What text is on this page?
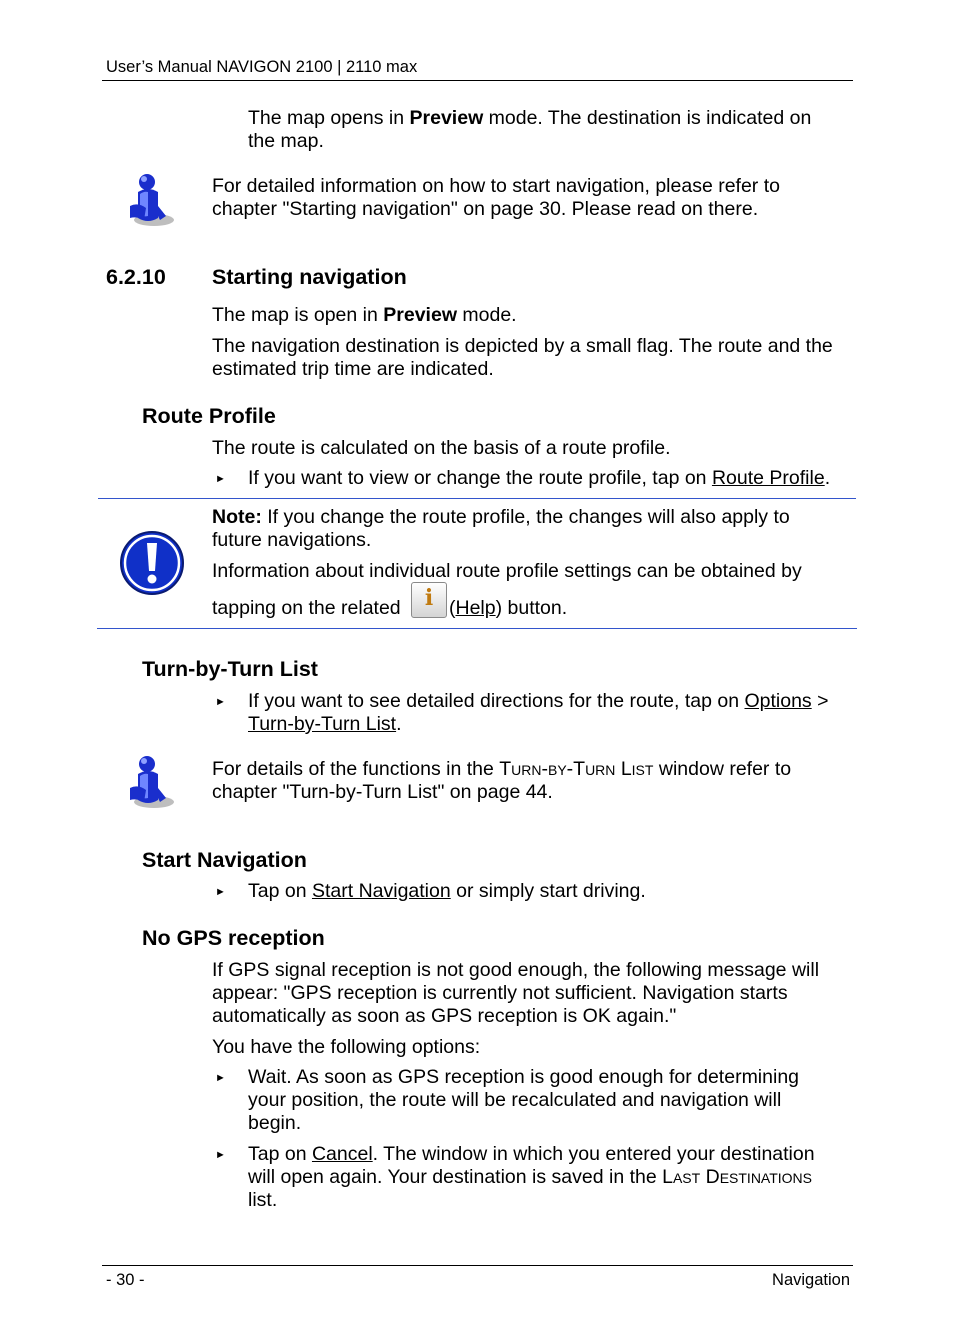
User’s Manual NAVIGON 2100 | 2110 max
The map opens in Preview mode. The destination is indicated on
the map.
For detailed information on how to start navigation, please refer to
chapter "Starting navigation" on page 30. Please read on there.
6.2.10 Starting navigation
The map is open in Preview mode.
The navigation destination is depicted by a small flag. The route and the
estimated trip time are indicated.
Route Profile
The route is calculated on the basis of a route profile.
► If you want to view or change the route profile, tap on Route Profile.
Note: If you change the route profile, the changes will also apply to
future navigations.
Information about individual route profile settings can be obtained by
tapping on the related i (Help) button.
Turn-by-Turn List
► If you want to see detailed directions for the route, tap on Options >
Turn-by-Turn List.
For details of the functions in the Turn-by-Turn List window refer to
chapter "Turn-by-Turn List" on page 44.
Start Navigation
► Tap on Start Navigation or simply start driving.
No GPS reception
If GPS signal reception is not good enough, the following message will
appear: "GPS reception is currently not sufficient. Navigation starts
automatically as soon as GPS reception is OK again."
You have the following options:
► Wait. As soon as GPS reception is good enough for determining
your position, the route will be recalculated and navigation will
begin.
► Tap on Cancel. The window in which you entered your destination
will open again. Your destination is saved in the Last Destinations
list.
- 30 -	Navigation
